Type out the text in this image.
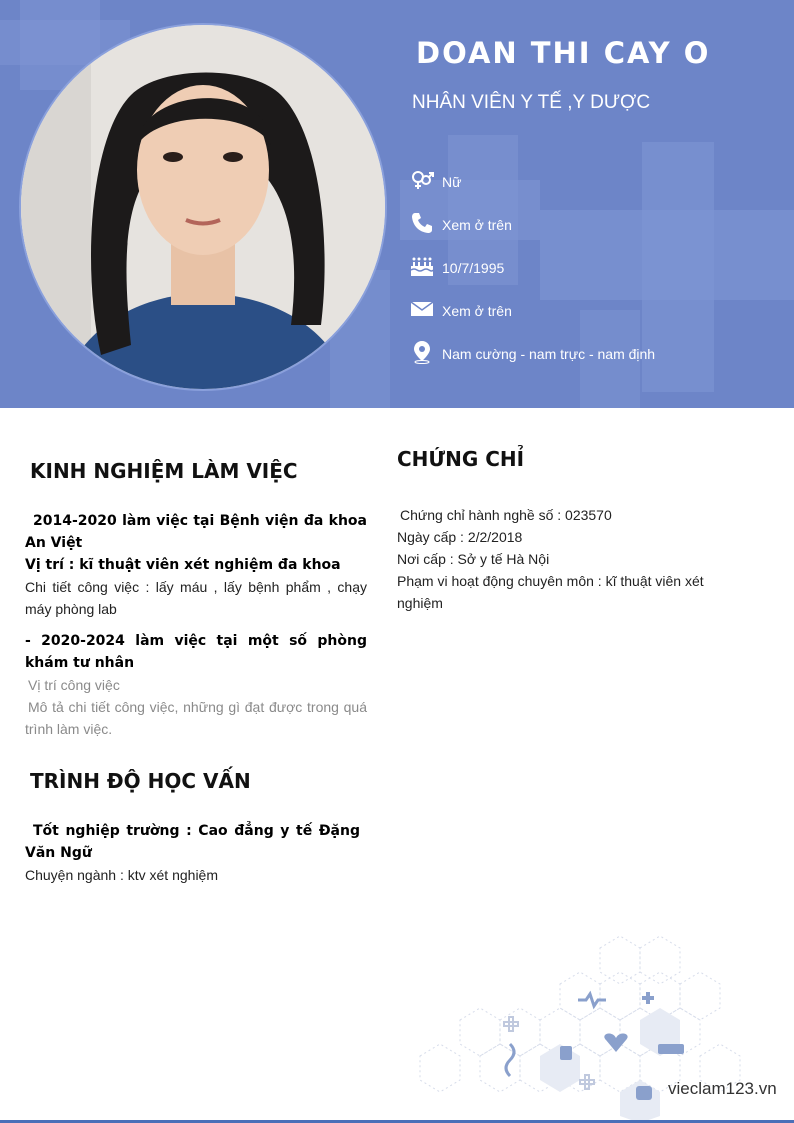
DOAN THI CAY O

NHÂN VIÊN Y TẾ ,Y DƯỢC

Nữ
Xem ở trên
10/7/1995
Xem ở trên
Nam cường - nam trực - nam định
KINH NGHIỆM LÀM VIỆC

2014-2020 làm việc tại Bệnh viện đa khoa An Việt

Vị trí : kĩ thuật viên xét nghiệm đa khoa

Chi tiết công việc : lấy máu , lấy bệnh phẩm , chạy máy phòng lab

- 2020-2024 làm việc tại một số phòng khám tư nhân

Vị trí công việc

Mô tả chi tiết công việc, những gì đạt được trong quá trình làm việc.

TRÌNH ĐỘ HỌC VẤN

Tốt nghiệp trường : Cao đẳng y tế Đặng Văn Ngữ

Chuyện ngành : ktv xét nghiệm

CHỨNG CHỈ

Chứng chỉ hành nghề số : 023570

Ngày cấp : 2/2/2018

Nơi cấp : Sở y tế Hà Nội

Phạm vi hoạt động chuyên môn : kĩ thuật viên xét nghiệm

vieclam123.vn
